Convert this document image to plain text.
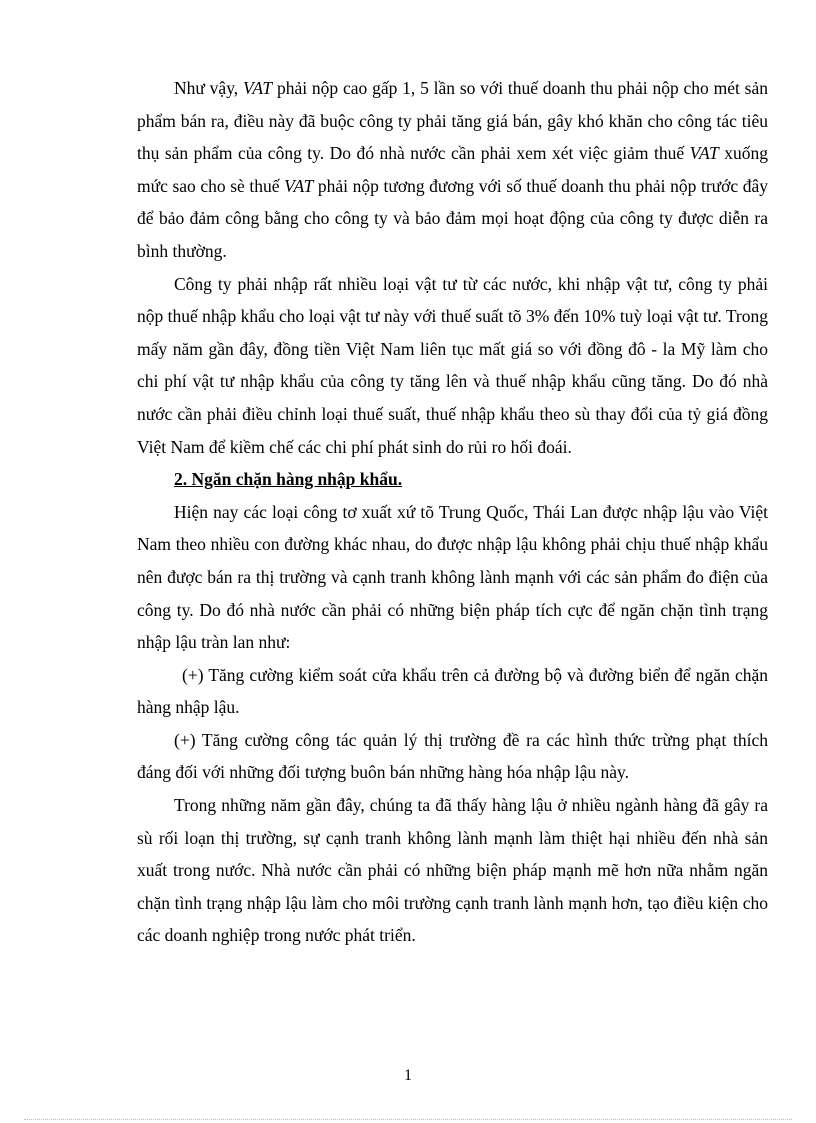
Như vậy, VAT phải nộp cao gấp 1, 5 lần so với thuế doanh thu phải nộp cho mét sản phẩm bán ra, điều này đã buộc công ty phải tăng giá bán, gây khó khăn cho công tác tiêu thụ sản phẩm của công ty. Do đó nhà nước cần phải xem xét việc giảm thuế VAT xuống mức sao cho sè thuế VAT phải nộp tương đương với số thuế doanh thu phải nộp trước đây để bảo đảm công bằng cho công ty và bảo đảm mọi hoạt động của công ty được diễn ra bình thường.

Công ty phải nhập rất nhiều loại vật tư từ các nước, khi nhập vật tư, công ty phải nộp thuế nhập khẩu cho loại vật tư này với thuế suất tõ 3% đến 10% tuỳ loại vật tư. Trong mấy năm gần đây, đồng tiền Việt Nam liên tục mất giá so với đồng đô - la Mỹ làm cho chi phí vật tư nhập khẩu của công ty tăng lên và thuế nhập khẩu cũng tăng. Do đó nhà nước cần phải điều chỉnh loại thuế suất, thuế nhập khẩu theo sù thay đổi của tỷ giá đồng Việt Nam để kiềm chế các chi phí phát sinh do rủi ro hối đoái.

2. Ngăn chặn hàng nhập khẩu.

Hiện nay các loại công tơ xuất xứ tõ Trung Quốc, Thái Lan được nhập lậu vào Việt Nam theo nhiều con đường khác nhau, do được nhập lậu không phải chịu thuế nhập khẩu nên được bán ra thị trường và cạnh tranh không lành mạnh với các sản phẩm đo điện của công ty. Do đó nhà nước cần phải có những biện pháp tích cực để ngăn chặn tình trạng nhập lậu tràn lan như:

(+) Tăng cường kiểm soát cửa khẩu trên cả đường bộ và đường biển để ngăn chặn hàng nhập lậu.

(+) Tăng cường công tác quản lý thị trường đề ra các hình thức trừng phạt thích đáng đối với những đối tượng buôn bán những hàng hóa nhập lậu này.

Trong những năm gần đây, chúng ta đã thấy hàng lậu ở nhiều ngành hàng đã gây ra sù rối loạn thị trường, sự cạnh tranh không lành mạnh làm thiệt hại nhiều đến nhà sản xuất trong nước. Nhà nước cần phải có những biện pháp mạnh mẽ hơn nữa nhằm ngăn chặn tình trạng nhập lậu làm cho môi trường cạnh tranh lành mạnh hơn, tạo điều kiện cho các doanh nghiệp trong nước phát triển.

1
